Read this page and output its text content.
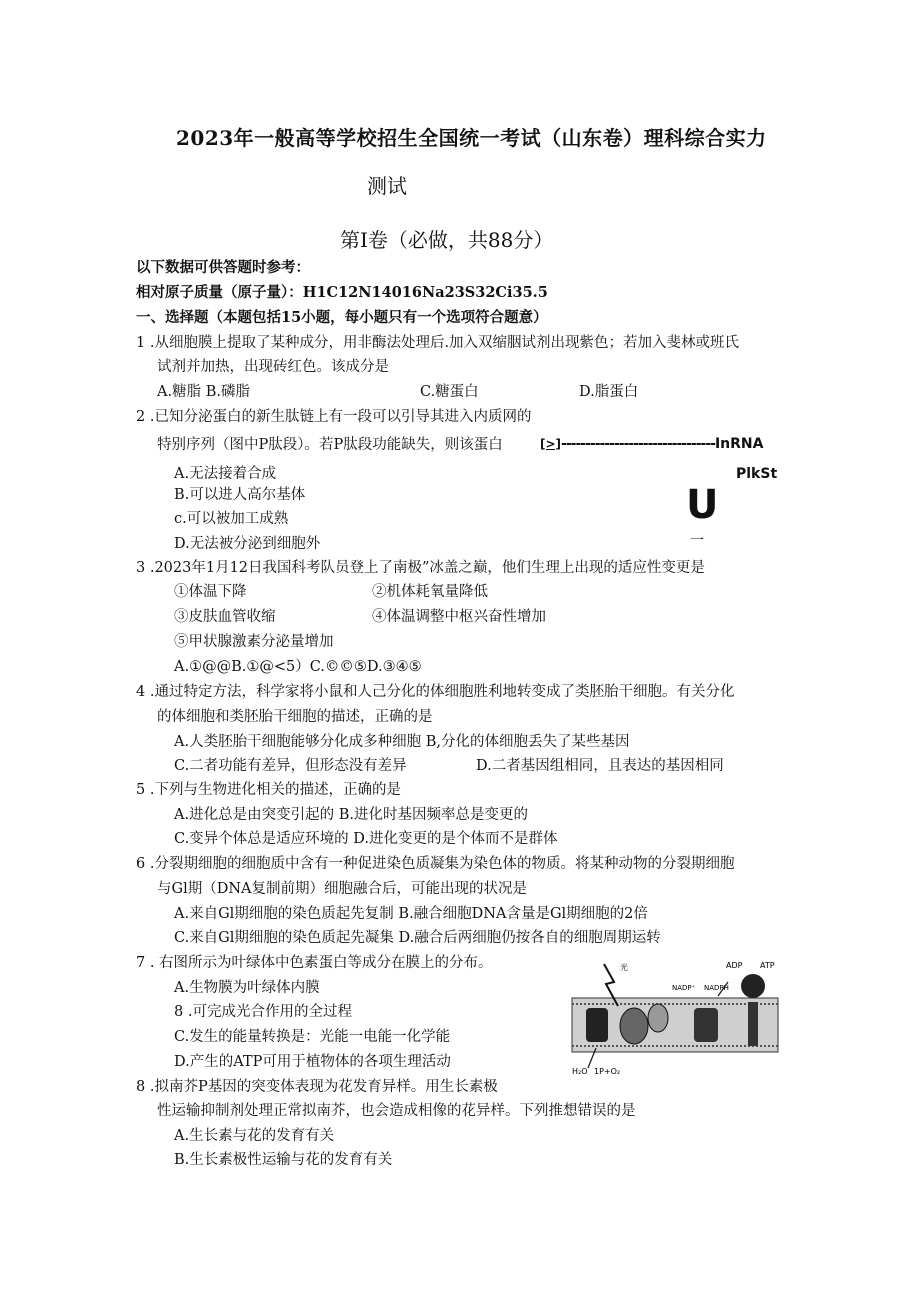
2023年一般高等学校招生全国统一考试（山东卷）理科综合实力
测试
第I卷（必做，共88分）
以下数据可供答题时参考：
相对原子质量（原子量）：H1C12N14016Na23S32Ci35.5
一、选择题（本题包括15小题，每小题只有一个选项符合题意）
1 .从细胞膜上提取了某种成分，用非酶法处理后.加入双缩胭试剂出现紫色；若加入斐林或班氏
试剂并加热，出现砖红色。该成分是
A.糖脂 B.磷脂	C.糖蛋白	D.脂蛋白
2 .已知分泌蛋白的新生肽链上有一段可以引导其进入内质网的
特别序列（图中P肽段）。若P肽段功能缺失，则该蛋白
A.无法接着合成
B.可以进人高尔基体
c.可以被加工成熟
D.无法被分泌到细胞外
[>]--------------------------------InRNA
PlkSt
U
一
3 .2023年1月12日我国科考队员登上了南极”冰盖之巅，他们生理上出现的适应性变更是
①体温下降	②机体耗氧量降低
③皮肤血管收缩	④体温调整中枢兴奋性增加
⑤甲状腺激素分泌量增加
A.①@@B.①@<5）C.©©⑤D.③④⑤
4 .通过特定方法，科学家将小鼠和人己分化的体细胞胜利地转变成了类胚胎干细胞。有关分化
的体细胞和类胚胎干细胞的描述，正确的是
A.人类胚胎干细胞能够分化成多种细胞 B,分化的体细胞丢失了某些基因
C.二者功能有差异，但形态没有差异	D.二者基因组相同，且表达的基因相同
5 .下列与生物进化相关的描述，正确的是
A.进化总是由突变引起的 B.进化时基因频率总是变更的
C.变异个体总是适应环境的 D.进化变更的是个体而不是群体
6 .分裂期细胞的细胞质中含有一种促进染色质凝集为染色体的物质。将某种动物的分裂期细胞
与Gl期（DNA复制前期）细胞融合后，可能出现的状况是
A.来自Gl期细胞的染色质起先复制 B.融合细胞DNA含量是Gl期细胞的2倍
C.来自Gl期细胞的染色质起先凝集 D.融合后两细胞仍按各自的细胞周期运转
7 . 右图所示为叶绿体中色素蛋白等成分在膜上的分布。
A.生物膜为叶绿体内膜
8 .可完成光合作用的全过程
C.发生的能量转换是：光能一电能一化学能
D.产生的ATP可用于植物体的各项生理活动
光	ADP ATP
NADP⁺ NADPH
H₂O 1P+O₂
8 .拟南芥P基因的突变体表现为花发育异样。用生长素极
性运输抑制剂处理正常拟南芥，也会造成相像的花异样。下列推想错误的是
A.生长素与花的发育有关
B.生长素极性运输与花的发育有关
